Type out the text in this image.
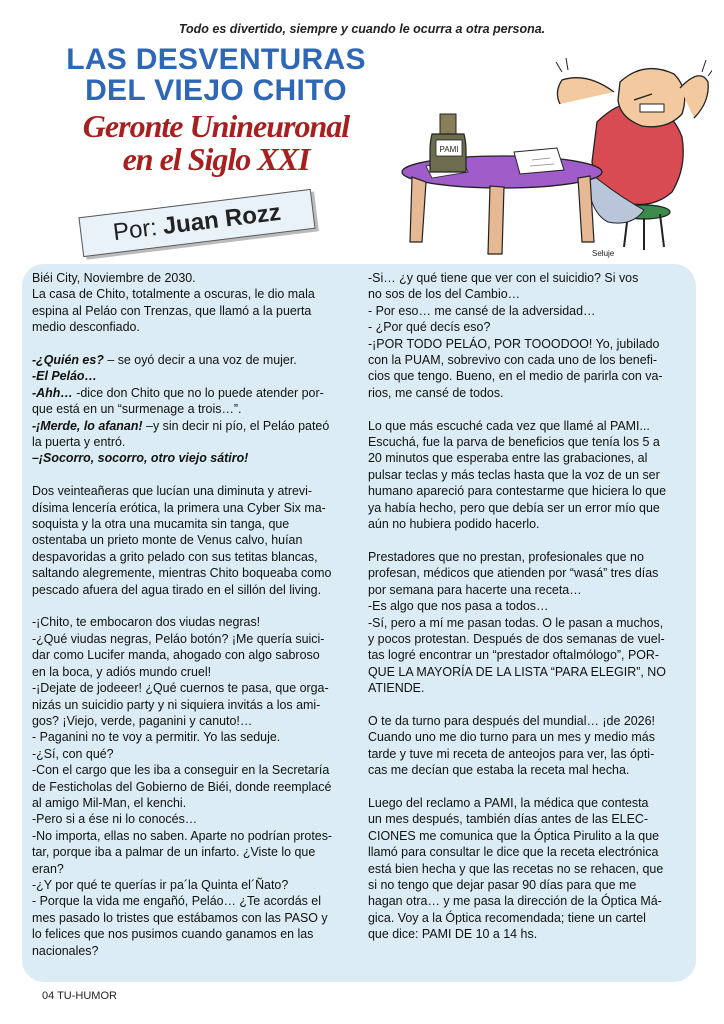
Todo es divertido, siempre y cuando le ocurra a otra persona.
LAS DESVENTURAS
DEL VIEJO CHITO
Geronte Unineuronal
en el Siglo XXI
Por: Juan Rozz
PAMI
Seluje

Biéi City, Noviembre de 2030.
La casa de Chito, totalmente a oscuras, le dio mala
espina al Peláo con Trenzas, que llamó a la puerta
medio desconfiado.

-¿Quién es? – se oyó decir a una voz de mujer.

-El Peláo…

-Ahh… -dice don Chito que no lo puede atender por-
que está en un “surmenage a trois…”.

-¡Merde, lo afanan! –y sin decir ni pío, el Peláo pateó
la puerta y entró.

–¡Socorro, socorro, otro viejo sátiro!

Dos veinteañeras que lucían una diminuta y atrevi-
dísima lencería erótica, la primera una Cyber Six ma-
soquista y la otra una mucamita sin tanga, que
ostentaba un prieto monte de Venus calvo, huían
despavoridas a grito pelado con sus tetitas blancas,
saltando alegremente, mientras Chito boqueaba como
pescado afuera del agua tirado en el sillón del living.

-¡Chito, te embocaron dos viudas negras!
-¿Qué viudas negras, Peláo botón? ¡Me quería suici-
dar como Lucifer manda, ahogado con algo sabroso
en la boca, y adiós mundo cruel!
-¡Dejate de jodeeer! ¿Qué cuernos te pasa, que orga-
nizás un suicidio party y ni siquiera invitás a los ami-
gos? ¡Viejo, verde, paganini y canuto!…
- Paganini no te voy a permitir. Yo las seduje.
-¿Sí, con qué?
-Con el cargo que les iba a conseguir en la Secretaría
de Festicholas del Gobierno de Biéi, donde reemplacé
al amigo Mil-Man, el kenchi.
-Pero si a ése ni lo conocés…
-No importa, ellas no saben. Aparte no podrían protes-
tar, porque iba a palmar de un infarto. ¿Viste lo que
eran?
-¿Y por qué te querías ir pa´la Quinta el´Ñato?
- Porque la vida me engañó, Peláo… ¿Te acordás el
mes pasado lo tristes que estábamos con las PASO y
lo felices que nos pusimos cuando ganamos en las
nacionales?

-Si… ¿y qué tiene que ver con el suicidio? Si vos
no sos de los del Cambio…
- Por eso… me cansé de la adversidad…
- ¿Por qué decís eso?
-¡POR TODO PELÁO, POR TOOODOO! Yo, jubilado
con la PUAM, sobrevivo con cada uno de los benefi-
cios que tengo. Bueno, en el medio de parirla con va-
rios, me cansé de todos.

Lo que más escuché cada vez que llamé al PAMI...
Escuchá, fue la parva de beneficios que tenía los 5 a
20 minutos que esperaba entre las grabaciones, al
pulsar teclas y más teclas hasta que la voz de un ser
humano apareció para contestarme que hiciera lo que
ya había hecho, pero que debía ser un error mío que
aún no hubiera podido hacerlo.

Prestadores que no prestan, profesionales que no
profesan, médicos que atienden por “wasá” tres días
por semana para hacerte una receta…
-Es algo que nos pasa a todos…
-Sí, pero a mí me pasan todas. O le pasan a muchos,
y pocos protestan. Después de dos semanas de vuel-
tas logré encontrar un “prestador oftalmólogo”, POR-
QUE LA MAYORÍA DE LA LISTA “PARA ELEGIR”, NO
ATIENDE.

O te da turno para después del mundial… ¡de 2026!
Cuando uno me dio turno para un mes y medio más
tarde y tuve mi receta de anteojos para ver, las ópti-
cas me decían que estaba la receta mal hecha.

Luego del reclamo a PAMI, la médica que contesta
un mes después, también días antes de las ELEC-
CIONES me comunica que la Óptica Pirulito a la que
llamó para consultar le dice que la receta electrónica
está bien hecha y que las recetas no se rehacen, que
si no tengo que dejar pasar 90 días para que me
hagan otra… y me pasa la dirección de la Óptica Má-
gica. Voy a la Óptica recomendada; tiene un cartel
que dice: PAMI DE 10 a 14 hs.

04 TU-HUMOR
